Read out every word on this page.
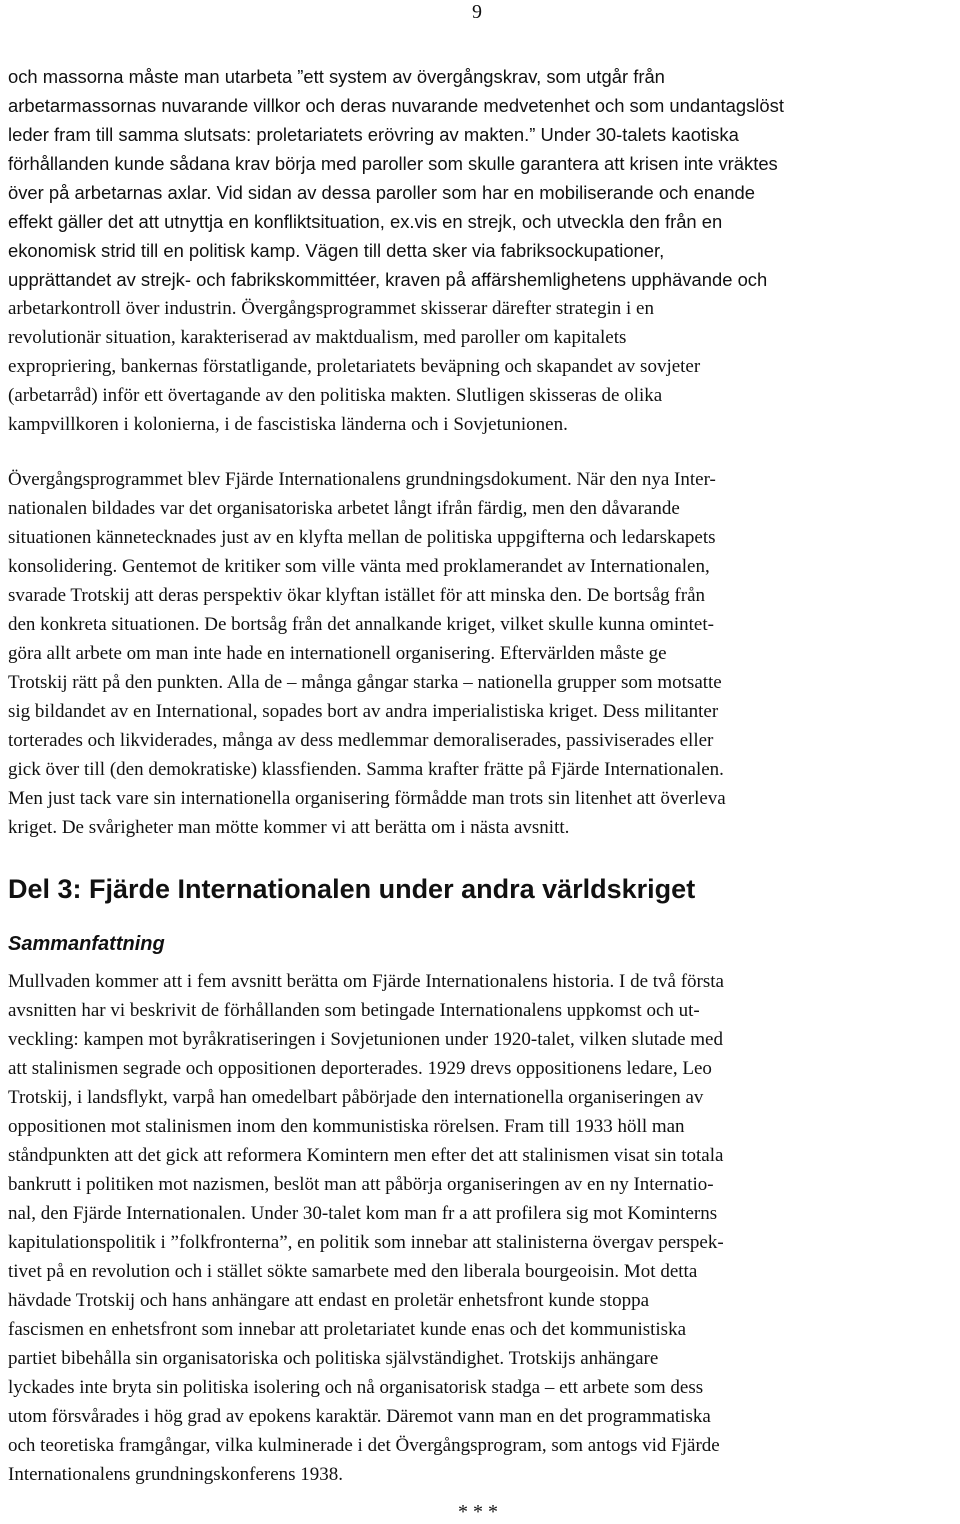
9
och massorna måste man utarbeta ”ett system av övergångskrav, som utgår från
arbetarmassornas nuvarande villkor och deras nuvarande medvetenhet och som undantagslöst
leder fram till samma slutsats: proletariatets erövring av makten.” Under 30-talets kaotiska
förhållanden kunde sådana krav börja med paroller som skulle garantera att krisen inte vräktes
över på arbetarnas axlar. Vid sidan av dessa paroller som har en mobiliserande och enande
effekt gäller det att utnyttja en konfliktsituation, ex.vis en strejk, och utveckla den från en
ekonomisk strid till en politisk kamp. Vägen till detta sker via fabriksockupationer,
upprättandet av strejk- och fabrikskommittéer, kraven på affärshemlighetens upphävande och
arbetarkontroll över industrin. Övergångsprogrammet skisserar därefter strategin i en
revolutionär situation, karakteriserad av maktdualism, med paroller om kapitalets
expropriering, bankernas förstatligande, proletariatets beväpning och skapandet av sovjeter
(arbetarråd) inför ett övertagande av den politiska makten. Slutligen skisseras de olika
kampvillkoren i kolonierna, i de fascistiska länderna och i Sovjetunionen.
Övergångsprogrammet blev Fjärde Internationalens grundningsdokument. När den nya Inter-
nationalen bildades var det organisatoriska arbetet långt ifrån färdig, men den dåvarande
situationen kännetecknades just av en klyfta mellan de politiska uppgifterna och ledarskapets
konsolidering. Gentemot de kritiker som ville vänta med proklamerandet av Internationalen,
svarade Trotskij att deras perspektiv ökar klyftan istället för att minska den. De bortsåg från
den konkreta situationen. De bortsåg från det annalkande kriget, vilket skulle kunna omintet-
göra allt arbete om man inte hade en internationell organisering. Eftervärlden måste ge
Trotskij rätt på den punkten. Alla de – många gångar starka – nationella grupper som motsatte
sig bildandet av en International, sopades bort av andra imperialistiska kriget. Dess militanter
torterades och likviderades, många av dess medlemmar demoraliserades, passiviserades eller
gick över till (den demokratiske) klassfienden. Samma krafter frätte på Fjärde Internationalen.
Men just tack vare sin internationella organisering förmådde man trots sin litenhet att överleva
kriget. De svårigheter man mötte kommer vi att berätta om i nästa avsnitt.
Del 3: Fjärde Internationalen under andra världskriget
Sammanfattning
Mullvaden kommer att i fem avsnitt berätta om Fjärde Internationalens historia. I de två första
avsnitten har vi beskrivit de förhållanden som betingade Internationalens uppkomst och ut-
veckling: kampen mot byråkratiseringen i Sovjetunionen under 1920-talet, vilken slutade med
att stalinismen segrade och oppositionen deporterades. 1929 drevs oppositionens ledare, Leo
Trotskij, i landsflykt, varpå han omedelbart påbörjade den internationella organiseringen av
oppositionen mot stalinismen inom den kommunistiska rörelsen. Fram till 1933 höll man
ståndpunkten att det gick att reformera Komintern men efter det att stalinismen visat sin totala
bankrutt i politiken mot nazismen, beslöt man att påbörja organiseringen av en ny Internatio-
nal, den Fjärde Internationalen. Under 30-talet kom man fr a att profilera sig mot Kominterns
kapitulationspolitik i ”folkfronterna”, en politik som innebar att stalinisterna övergav perspek-
tivet på en revolution och i stället sökte samarbete med den liberala bourgeoisin. Mot detta
hävdade Trotskij och hans anhängare att endast en proletär enhetsfront kunde stoppa
fascismen en enhetsfront som innebar att proletariatet kunde enas och det kommunistiska
partiet bibehålla sin organisatoriska och politiska självständighet. Trotskijs anhängare
lyckades inte bryta sin politiska isolering och nå organisatorisk stadga – ett arbete som dess
utom försvårades i hög grad av epokens karaktär. Däremot vann man en det programmatiska
och teoretiska framgångar, vilka kulminerade i det Övergångsprogram, som antogs vid Fjärde
Internationalens grundningskonferens 1938.
* * *
